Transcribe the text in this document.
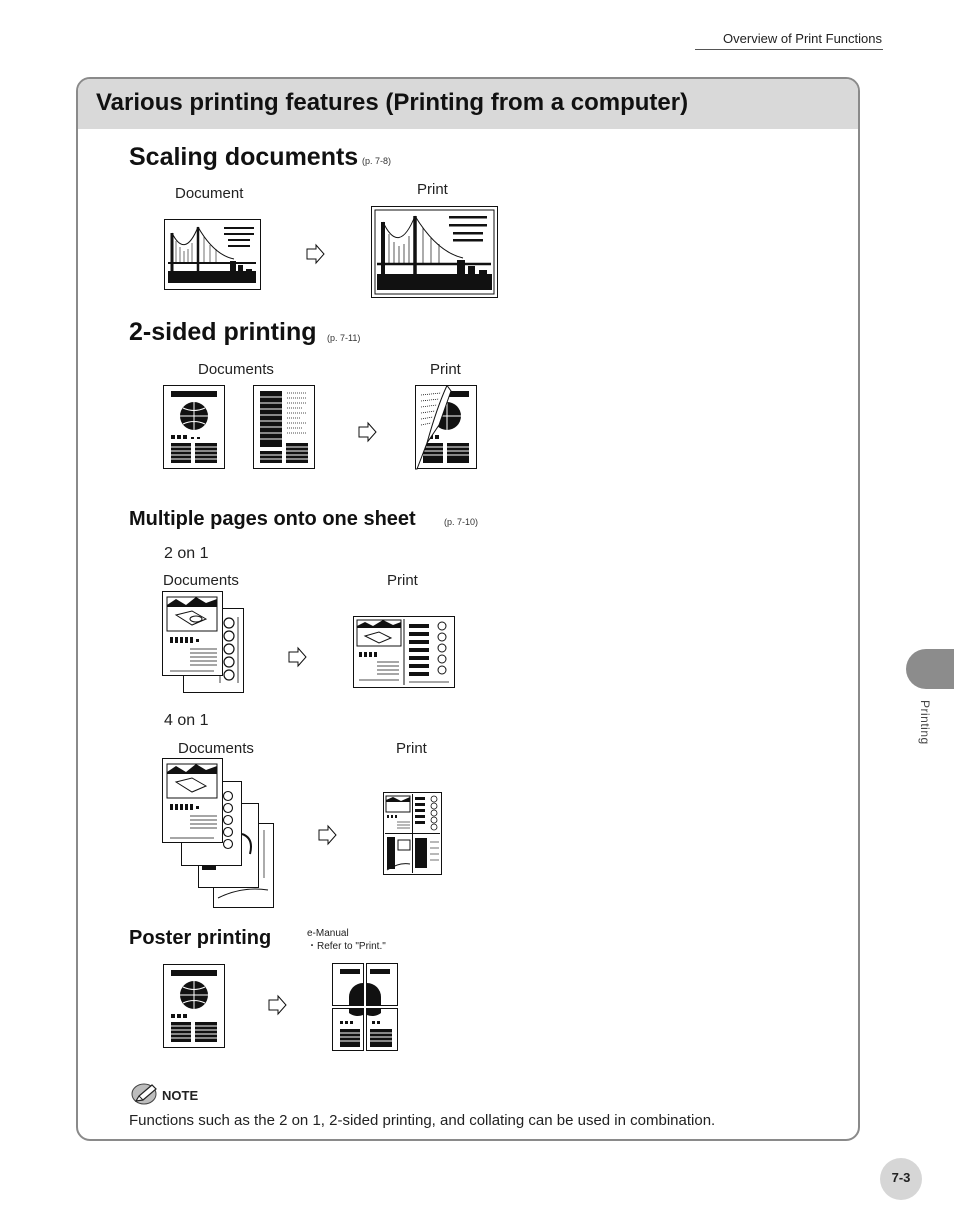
Overview of Print Functions
Various printing features (Printing from a computer)
Scaling documents (p. 7-8)
Document	Print
2-sided printing (p. 7-11)
Documents	Print
Multiple pages onto one sheet	(p. 7-10)
2 on 1
Documents	Print
4 on 1
Documents	Print
Poster printing	e-Manual
・Refer to "Print."
NOTE
Functions such as the 2 on 1, 2-sided printing, and collating can be used in combination.
Printing
7-3
